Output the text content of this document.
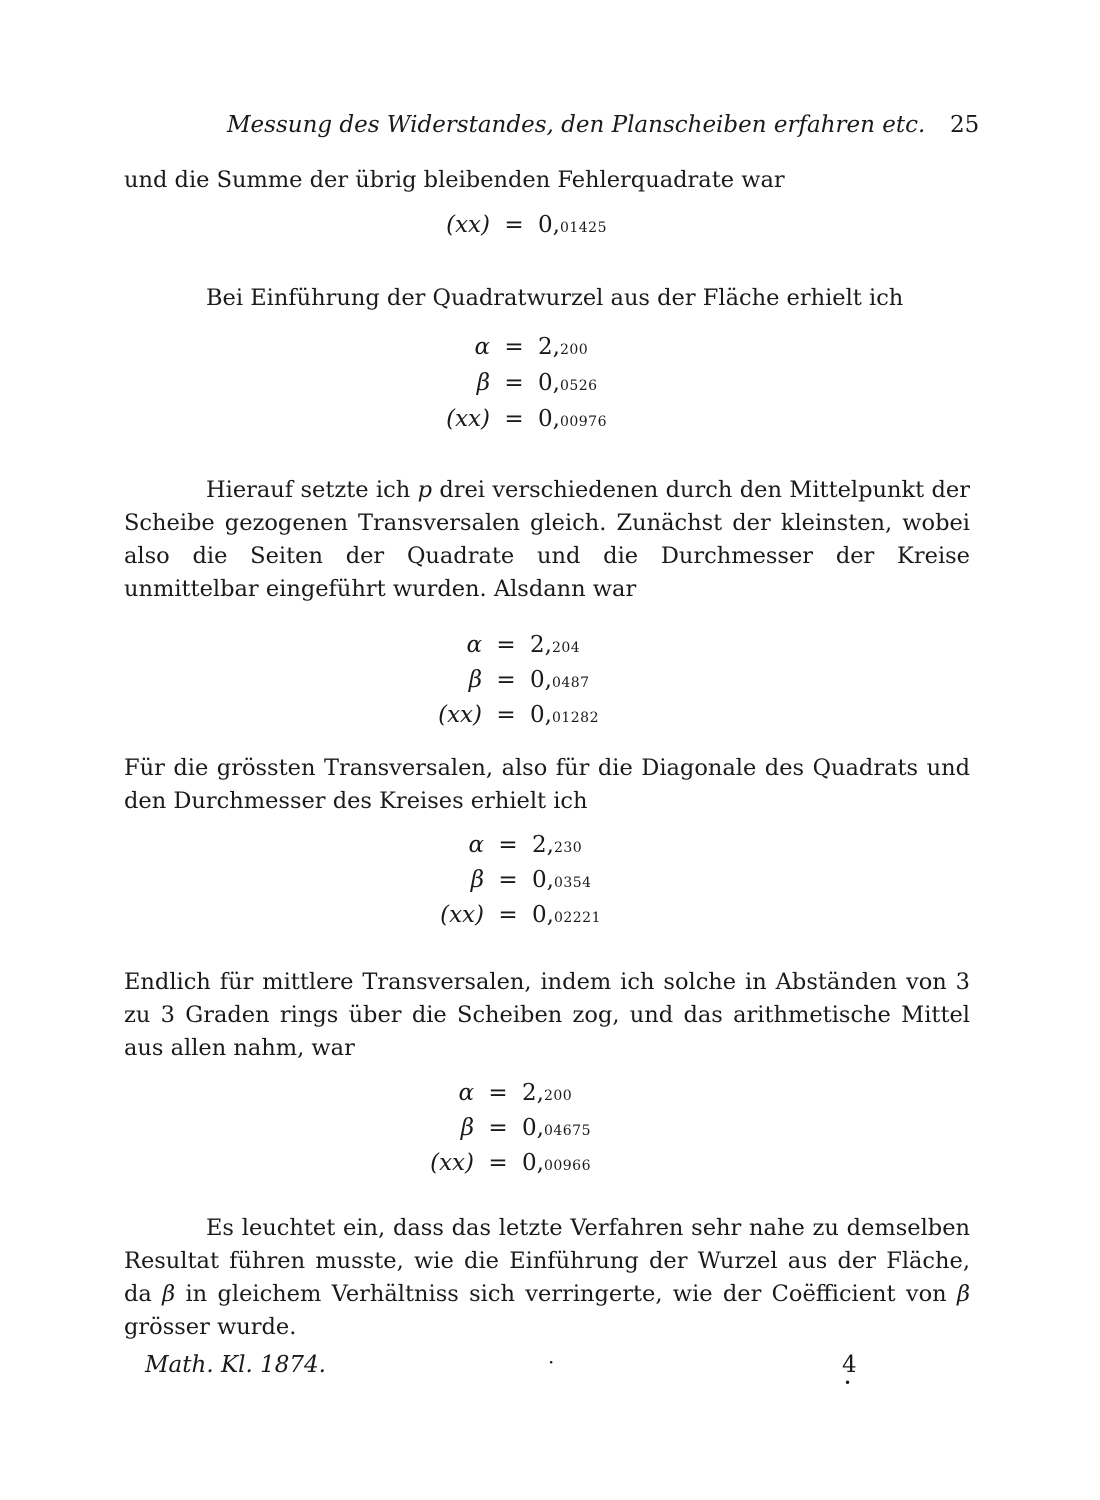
Messung des Widerstandes, den Planscheiben erfahren etc. 25
und die Summe der übrig bleibenden Fehlerquadrate war
(xx) = 0,01425
Bei Einführung der Quadratwurzel aus der Fläche erhielt ich
α = 2,200
β = 0,0526
(xx) = 0,00976
Hierauf setzte ich p drei verschiedenen durch den Mittelpunkt der Scheibe gezogenen Transversalen gleich. Zunächst der kleinsten, wobei also die Seiten der Quadrate und die Durchmesser der Kreise unmittelbar eingeführt wurden. Alsdann war
α = 2,204
β = 0,0487
(xx) = 0,01282
Für die grössten Transversalen, also für die Diagonale des Quadrats und den Durchmesser des Kreises erhielt ich
α = 2,230
β = 0,0354
(xx) = 0,02221
Endlich für mittlere Transversalen, indem ich solche in Abständen von 3 zu 3 Graden rings über die Scheiben zog, und das arithmetische Mittel aus allen nahm, war
α = 2,200
β = 0,04675
(xx) = 0,00966
Es leuchtet ein, dass das letzte Verfahren sehr nahe zu demselben Resultat führen musste, wie die Einführung der Wurzel aus der Fläche, da β in gleichem Verhältniss sich verringerte, wie der Coëfficient von β grösser wurde.
Math. Kl. 1874.	·	4
•
